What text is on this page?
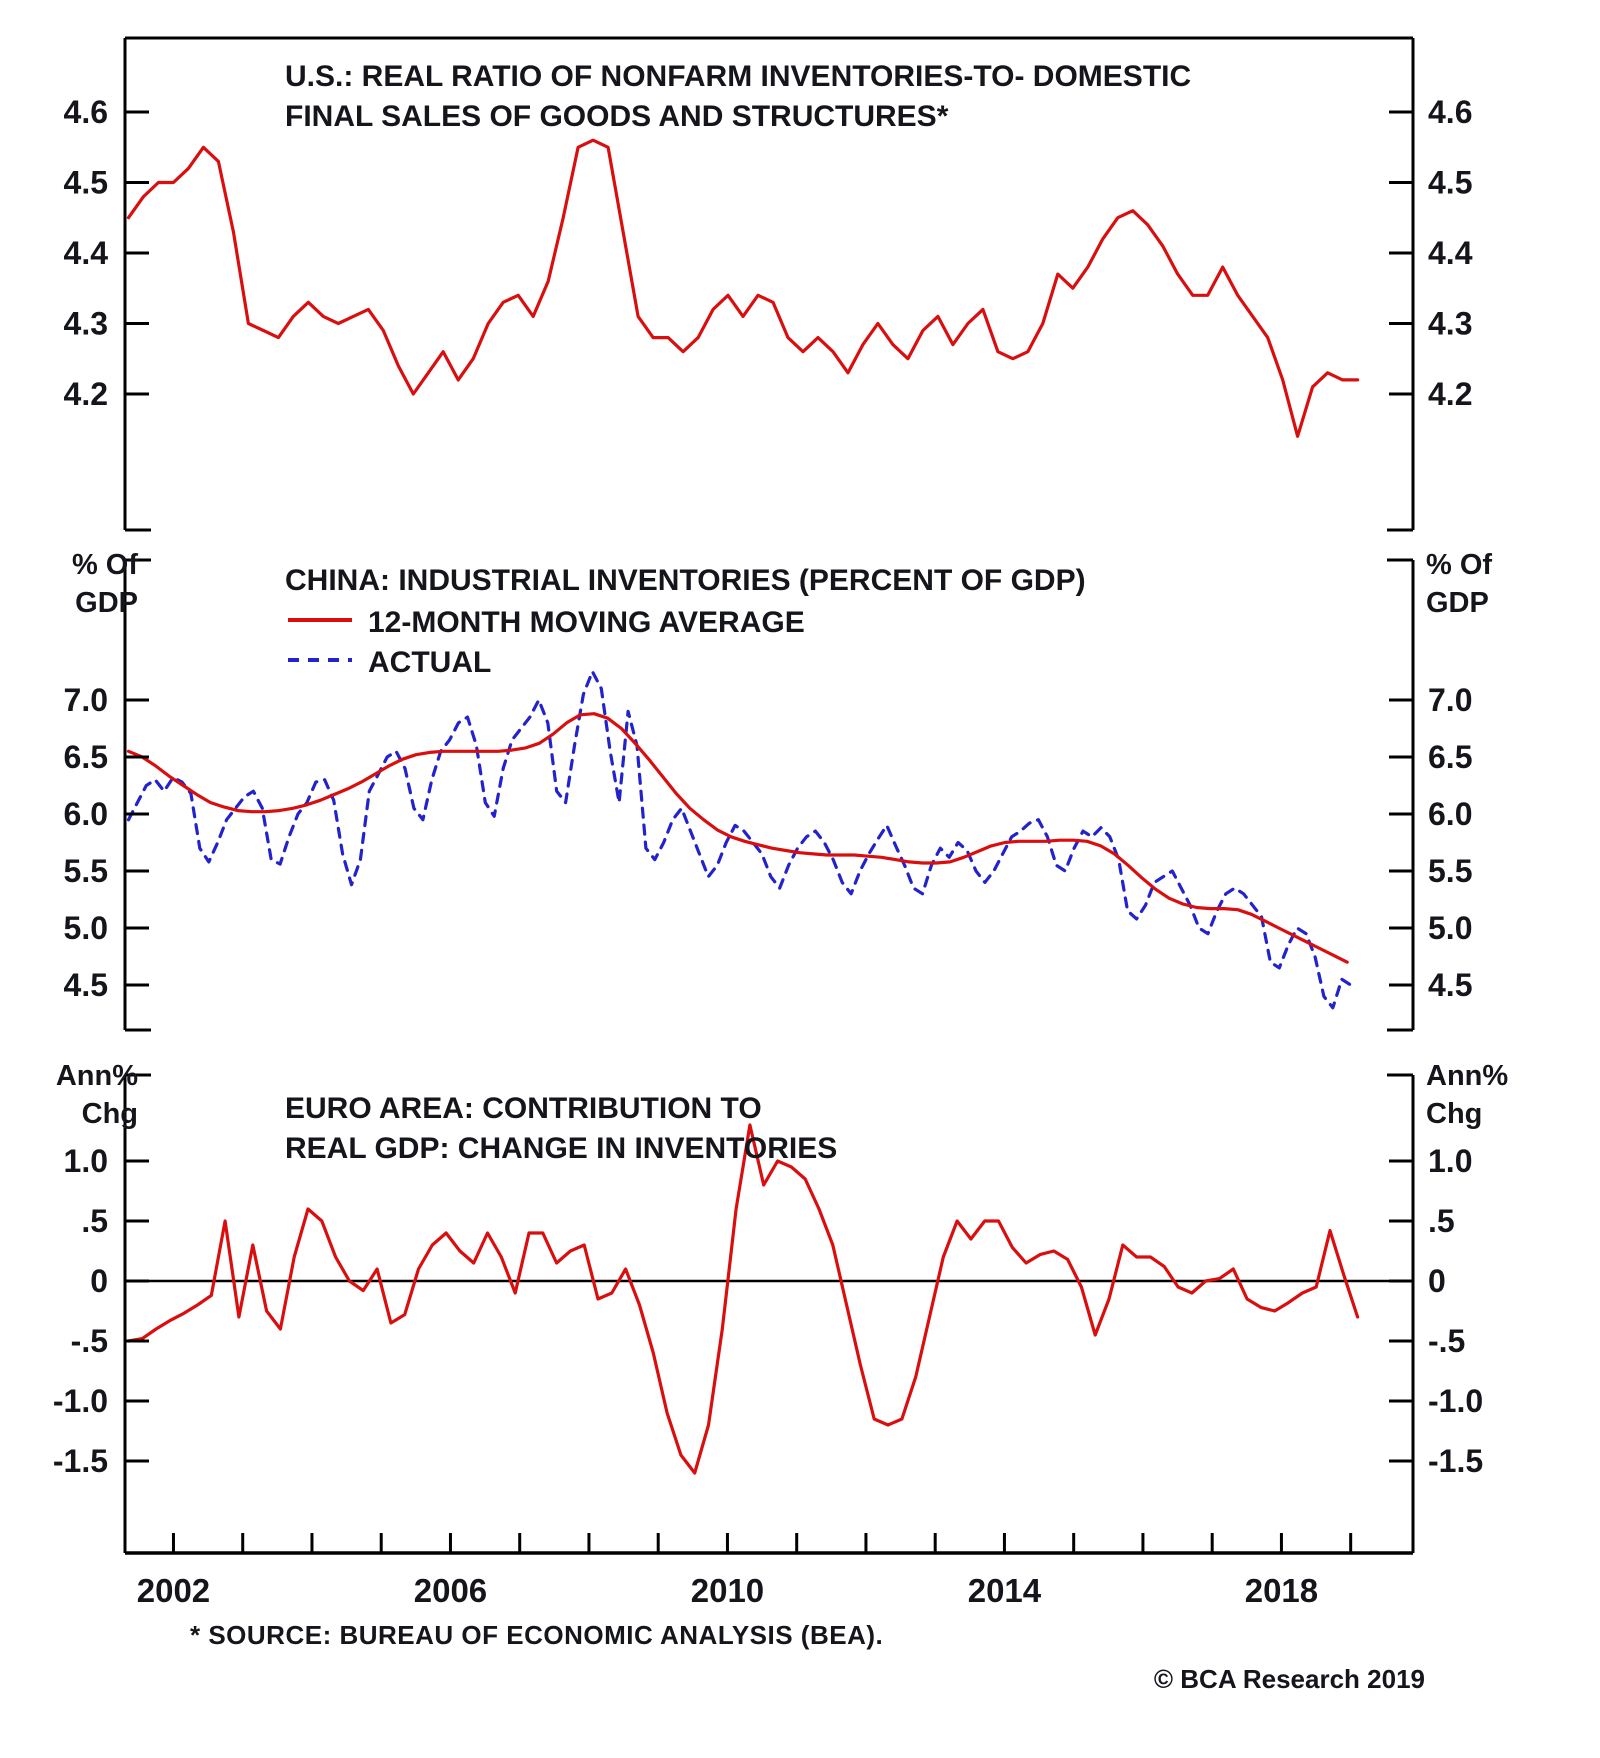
4.6	4.6
4.5	4.5
4.4	4.4
4.3	4.3
4.2	4.2
U.S.: REAL RATIO OF NONFARM INVENTORIES-TO- DOMESTIC
FINAL SALES OF GOODS AND STRUCTURES*
7.0	7.0
6.5	6.5
6.0	6.0
5.5	5.5
5.0	5.0
4.5	4.5
CHINA: INDUSTRIAL INVENTORIES (PERCENT OF GDP)
% Of	% Of
GDP	GDP
12-MONTH MOVING AVERAGE
ACTUAL
1.0	1.0
.5	.5
0	0
-.5	-.5
-1.0	-1.0
-1.5	-1.5
EURO AREA: CONTRIBUTION TO
REAL GDP: CHANGE IN INVENTORIES
Ann%	Ann%
Chg	Chg
2002	2006	2010	2014	2018
* SOURCE: BUREAU OF ECONOMIC ANALYSIS (BEA).
© BCA Research 2019
